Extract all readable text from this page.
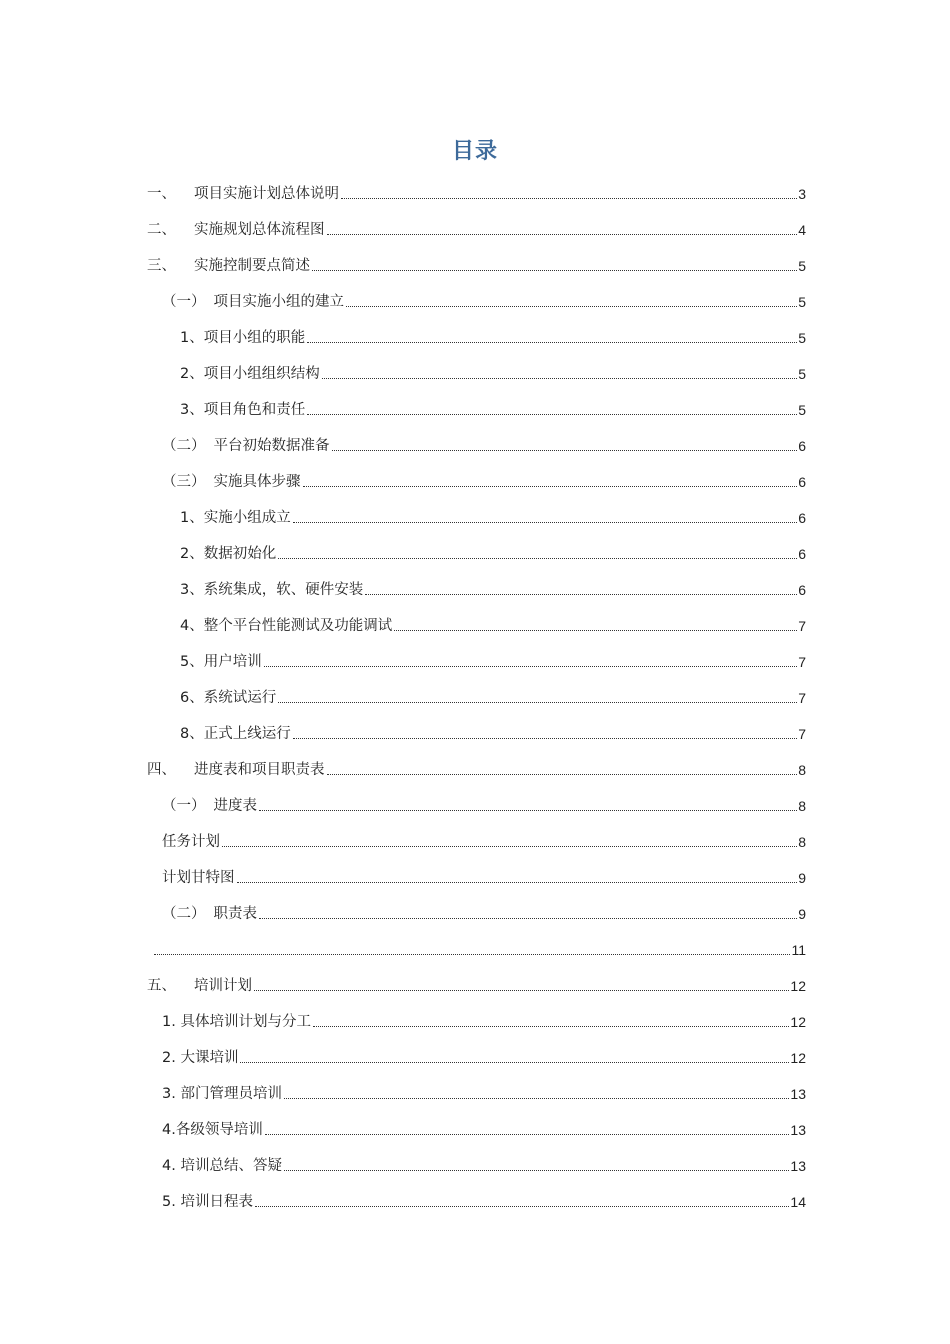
目录
一、 项目实施计划总体说明	3
二、 实施规划总体流程图	4
三、 实施控制要点简述	5
（一） 项目实施小组的建立	5
1、项目小组的职能	5
2、项目小组组织结构	5
3、项目角色和责任	5
（二） 平台初始数据准备	6
（三） 实施具体步骤	6
1、实施小组成立	6
2、数据初始化	6
3、系统集成，软、硬件安装	6
4、整个平台性能测试及功能调试	7
5、用户培训	7
6、系统试运行	7
8、正式上线运行	7
四、 进度表和项目职责表	8
（一） 进度表	8
任务计划	8
计划甘特图	9
（二） 职责表	9
11
五、 培训计划	12
1. 具体培训计划与分工	12
2. 大课培训	12
3. 部门管理员培训	13
4.各级领导培训	13
4. 培训总结、答疑	13
5. 培训日程表	14
